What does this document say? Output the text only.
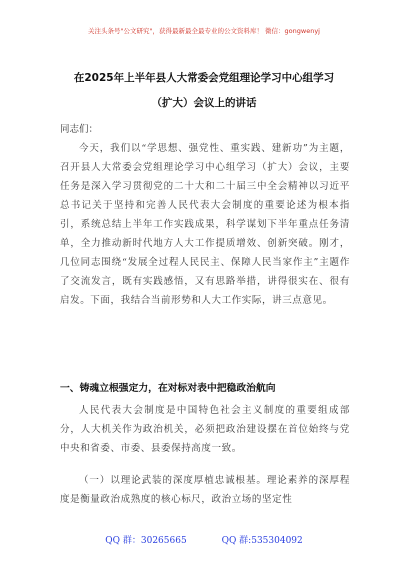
关注头条号"公文研究"，获得最新最全最专业的公文资料库！ 微信：gongwenyj
在2025年上半年县人大常委会党组理论学习中心组学习
（扩大）会议上的讲话
同志们：
今天，我们以“学思想、强党性、重实践、建新功”为主题，召开县人大常委会党组理论学习中心组学习（扩大）会议，主要任务是深入学习贯彻党的二十大和二十届三中全会精神以习近平总书记关于坚持和完善人民代表大会制度的重要论述为根本指引，系统总结上半年工作实践成果，科学谋划下半年重点任务清单，全力推动新时代地方人大工作提质增效、创新突破。刚才，几位同志围绕“发展全过程人民民主、保障人民当家作主”主题作了交流发言，既有实践感悟，又有思路举措，讲得很实在、很有启发。下面，我结合当前形势和人大工作实际，讲三点意见。
一、铸魂立根强定力，在对标对表中把稳政治航向
人民代表大会制度是中国特色社会主义制度的重要组成部分，人大机关作为政治机关，必须把政治建设摆在首位始终与党中央和省委、市委、县委保持高度一致。
（一）以理论武装的深度厚植忠诚根基。理论素养的深厚程度是衡量政治成熟度的核心标尺，政治立场的坚定性
QQ 群：30265665	QQ 群:535304092
